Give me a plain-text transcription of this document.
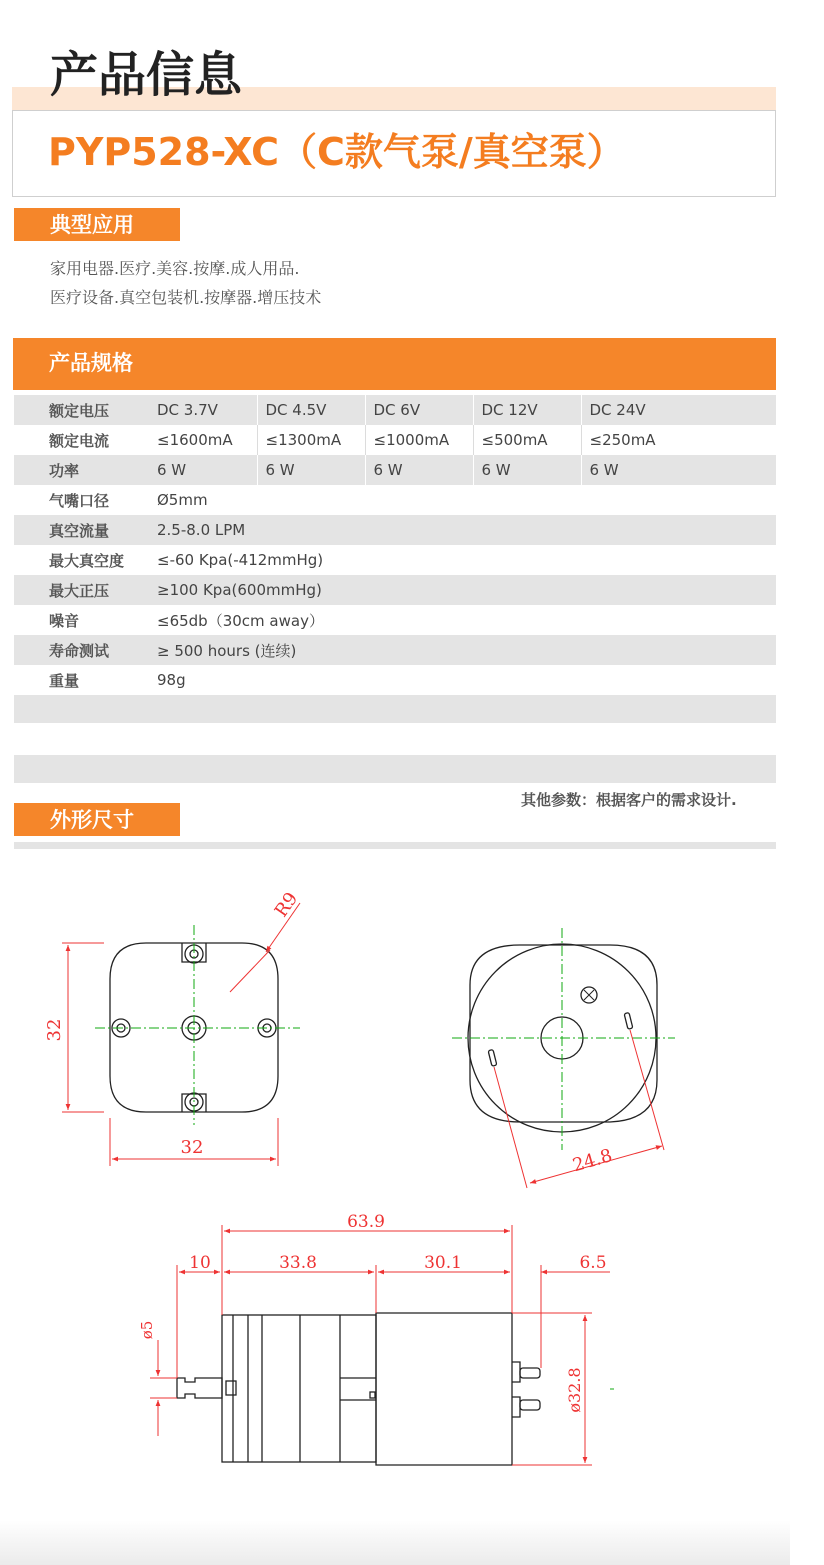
产品信息
PYP528-XC（C款气泵/真空泵）
典型应用
家用电器.医疗.美容.按摩.成人用品.
医疗设备.真空包装机.按摩器.增压技术
产品规格
额定电压	DC 3.7V	DC 4.5V	DC 6V	DC 12V	DC 24V
额定电流	≤1600mA	≤1300mA	≤1000mA	≤500mA	≤250mA
功率	6 W	6 W	6 W	6 W	6 W
气嘴口径	Ø5mm				
真空流量	2.5-8.0 LPM				
最大真空度	≤-60 Kpa(-412mmHg)				
最大正压	≥100 Kpa(600mmHg)				
噪音	≤65db（30cm away）				
寿命测试	≥ 500 hours (连续)				
重量	98g				
其他参数：根据客户的需求设计.
外形尺寸
32
32
R9
24.8
63.9
10	33.8	30.1	6.5
ø5
ø32.8
